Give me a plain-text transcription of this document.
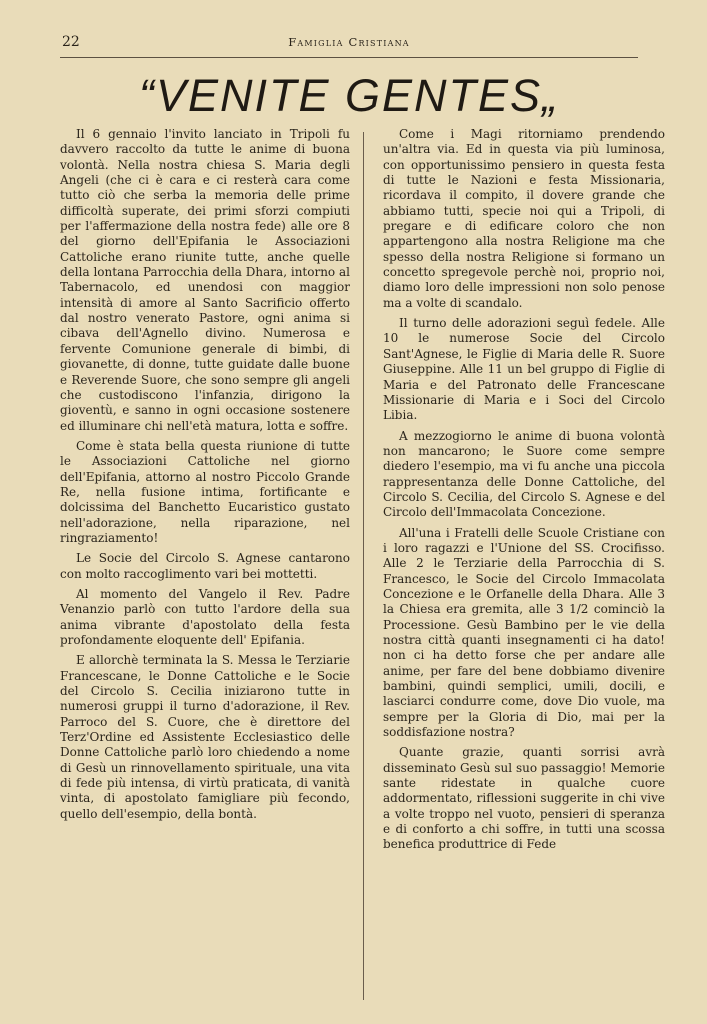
22	Famiglia Cristiana
“VENITE GENTES„

Il 6 gennaio l'invito lanciato in Tripoli fu davvero raccolto da tutte le anime di buona volontà. Nella nostra chiesa S. Maria degli Angeli (che ci è cara e ci resterà cara come tutto ciò che serba la memoria delle prime difficoltà superate, dei primi sforzi compiuti per l'affermazione della nostra fede) alle ore 8 del giorno dell'Epifania le Associazioni Cattoliche erano riunite tutte, anche quelle della lontana Parrocchia della Dhara, intorno al Tabernacolo, ed unendosi con maggior intensità di amore al Santo Sacrificio offerto dal nostro venerato Pastore, ogni anima si cibava dell'Agnello divino. Numerosa e fervente Comunione generale di bimbi, di giovanette, di donne, tutte guidate dalle buone e Reverende Suore, che sono sempre gli angeli che custodiscono l'infanzia, dirigono la gioventù, e sanno in ogni occasione sostenere ed illuminare chi nell'età matura, lotta e soffre.

Come è stata bella questa riunione di tutte le Associazioni Cattoliche nel giorno dell'Epifania, attorno al nostro Piccolo Grande Re, nella fusione intima, fortificante e dolcissima del Banchetto Eucaristico gustato nell'adorazione, nella riparazione, nel ringraziamento!

Le Socie del Circolo S. Agnese cantarono con molto raccoglimento vari bei mottetti.

Al momento del Vangelo il Rev. Padre Venanzio parlò con tutto l'ardore della sua anima vibrante d'apostolato della festa profondamente eloquente dell' Epifania.

E allorchè terminata la S. Messa le Terziarie Francescane, le Donne Cattoliche e le Socie del Circolo S. Cecilia iniziarono tutte in numerosi gruppi il turno d'adorazione, il Rev. Parroco del S. Cuore, che è direttore del Terz'Ordine ed Assistente Ecclesiastico delle Donne Cattoliche parlò loro chiedendo a nome di Gesù un rinnovellamento spirituale, una vita di fede più intensa, di virtù praticata, di vanità vinta, di apostolato famigliare più fecondo, quello dell'esempio, della bontà.

Come i Magi ritorniamo prendendo un'altra via. Ed in questa via più luminosa, con opportunissimo pensiero in questa festa di tutte le Nazioni e festa Missionaria, ricordava il compito, il dovere grande che abbiamo tutti, specie noi qui a Tripoli, di pregare e di edificare coloro che non appartengono alla nostra Religione ma che spesso della nostra Religione si formano un concetto spregevole perchè noi, proprio noi, diamo loro delle impressioni non solo penose ma a volte di scandalo.

Il turno delle adorazioni seguì fedele. Alle 10 le numerose Socie del Circolo Sant'Agnese, le Figlie di Maria delle R. Suore Giuseppine. Alle 11 un bel gruppo di Figlie di Maria e del Patronato delle Francescane Missionarie di Maria e i Soci del Circolo Libia.

A mezzogiorno le anime di buona volontà non mancarono; le Suore come sempre diedero l'esempio, ma vi fu anche una piccola rappresentanza delle Donne Cattoliche, del Circolo S. Cecilia, del Circolo S. Agnese e del Circolo dell'Immacolata Concezione.

All'una i Fratelli delle Scuole Cristiane con i loro ragazzi e l'Unione del SS. Crocifisso. Alle 2 le Terziarie della Parrocchia di S. Francesco, le Socie del Circolo Immacolata Concezione e le Orfanelle della Dhara. Alle 3 la Chiesa era gremita, alle 3 1/2 cominciò la Processione. Gesù Bambino per le vie della nostra città quanti insegnamenti ci ha dato! non ci ha detto forse che per andare alle anime, per fare del bene dobbiamo divenire bambini, quindi semplici, umili, docili, e lasciarci condurre come, dove Dio vuole, ma sempre per la Gloria di Dio, mai per la soddisfazione nostra?

Quante grazie, quanti sorrisi avrà disseminato Gesù sul suo passaggio! Memorie sante ridestate in qualche cuore addormentato, riflessioni suggerite in chi vive a volte troppo nel vuoto, pensieri di speranza e di conforto a chi soffre, in tutti una scossa benefica produttrice di Fede
